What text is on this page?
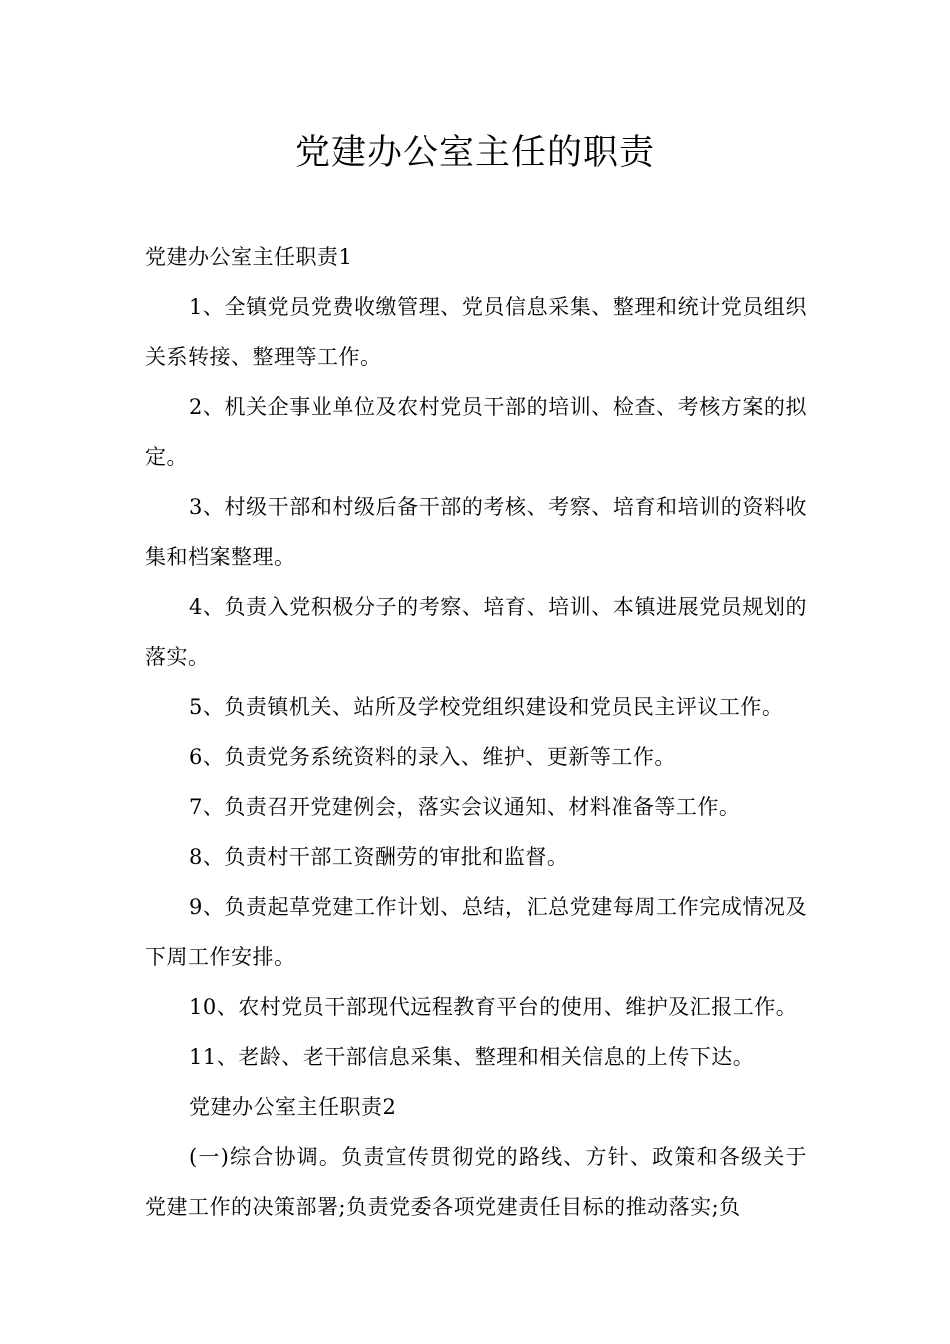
党建办公室主任的职责

党建办公室主任职责1

1、全镇党员党费收缴管理、党员信息采集、整理和统计党员组织关系转接、整理等工作。

2、机关企事业单位及农村党员干部的培训、检查、考核方案的拟定。

3、村级干部和村级后备干部的考核、考察、培育和培训的资料收集和档案整理。

4、负责入党积极分子的考察、培育、培训、本镇进展党员规划的落实。

5、负责镇机关、站所及学校党组织建设和党员民主评议工作。

6、负责党务系统资料的录入、维护、更新等工作。

7、负责召开党建例会，落实会议通知、材料准备等工作。

8、负责村干部工资酬劳的审批和监督。

9、负责起草党建工作计划、总结，汇总党建每周工作完成情况及下周工作安排。

10、农村党员干部现代远程教育平台的使用、维护及汇报工作。

11、老龄、老干部信息采集、整理和相关信息的上传下达。

党建办公室主任职责2

(一)综合协调。负责宣传贯彻党的路线、方针、政策和各级关于党建工作的决策部署;负责党委各项党建责任目标的推动落实;负
